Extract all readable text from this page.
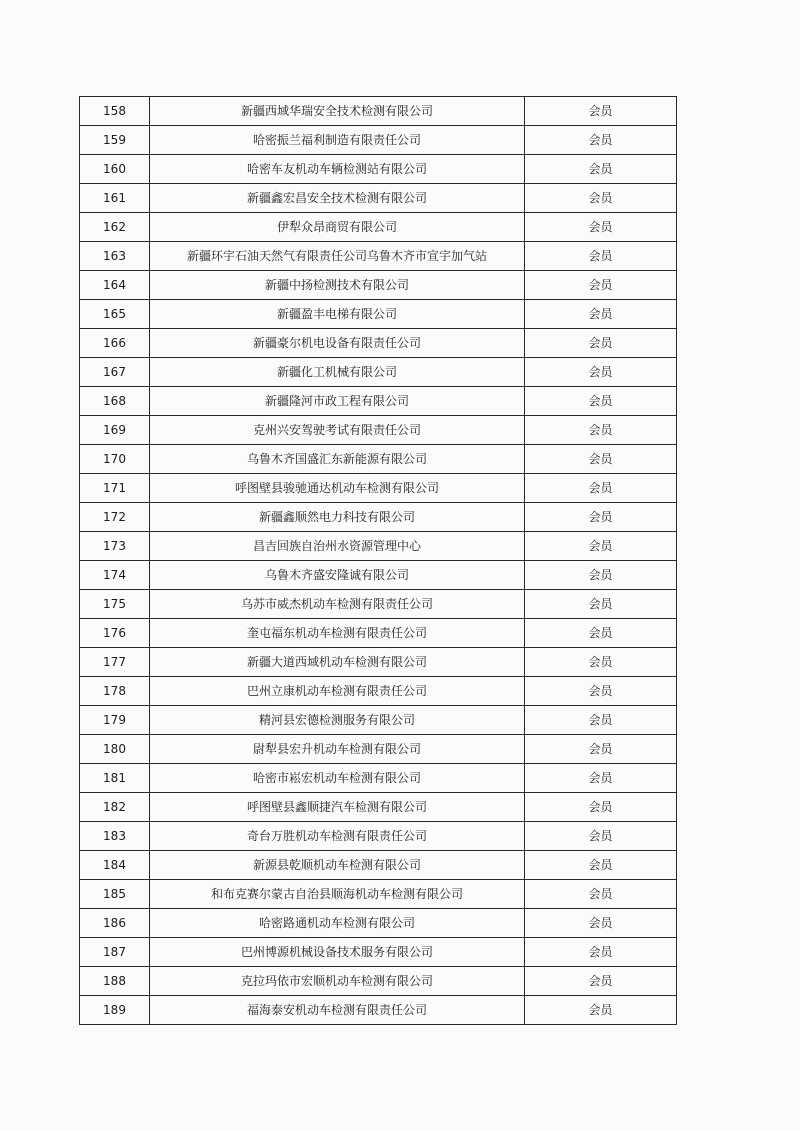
158	新疆西域华瑞安全技术检测有限公司	会员
159	哈密振兰福利制造有限责任公司	会员
160	哈密车友机动车辆检测站有限公司	会员
161	新疆鑫宏昌安全技术检测有限公司	会员
162	伊犁众昂商贸有限公司	会员
163	新疆环宇石油天然气有限责任公司乌鲁木齐市宣宇加气站	会员
164	新疆中扬检测技术有限公司	会员
165	新疆盈丰电梯有限公司	会员
166	新疆豪尔机电设备有限责任公司	会员
167	新疆化工机械有限公司	会员
168	新疆隆河市政工程有限公司	会员
169	克州兴安驾驶考试有限责任公司	会员
170	乌鲁木齐国盛汇东新能源有限公司	会员
171	呼图壁县骏驰通达机动车检测有限公司	会员
172	新疆鑫顺然电力科技有限公司	会员
173	昌吉回族自治州水资源管理中心	会员
174	乌鲁木齐盛安隆诚有限公司	会员
175	乌苏市威杰机动车检测有限责任公司	会员
176	奎屯福东机动车检测有限责任公司	会员
177	新疆大道西域机动车检测有限公司	会员
178	巴州立康机动车检测有限责任公司	会员
179	精河县宏德检测服务有限公司	会员
180	尉犁县宏升机动车检测有限公司	会员
181	哈密市崧宏机动车检测有限公司	会员
182	呼图壁县鑫顺捷汽车检测有限公司	会员
183	奇台万胜机动车检测有限责任公司	会员
184	新源县乾顺机动车检测有限公司	会员
185	和布克赛尔蒙古自治县顺海机动车检测有限公司	会员
186	哈密路通机动车检测有限公司	会员
187	巴州博源机械设备技术服务有限公司	会员
188	克拉玛依市宏顺机动车检测有限公司	会员
189	福海泰安机动车检测有限责任公司	会员
